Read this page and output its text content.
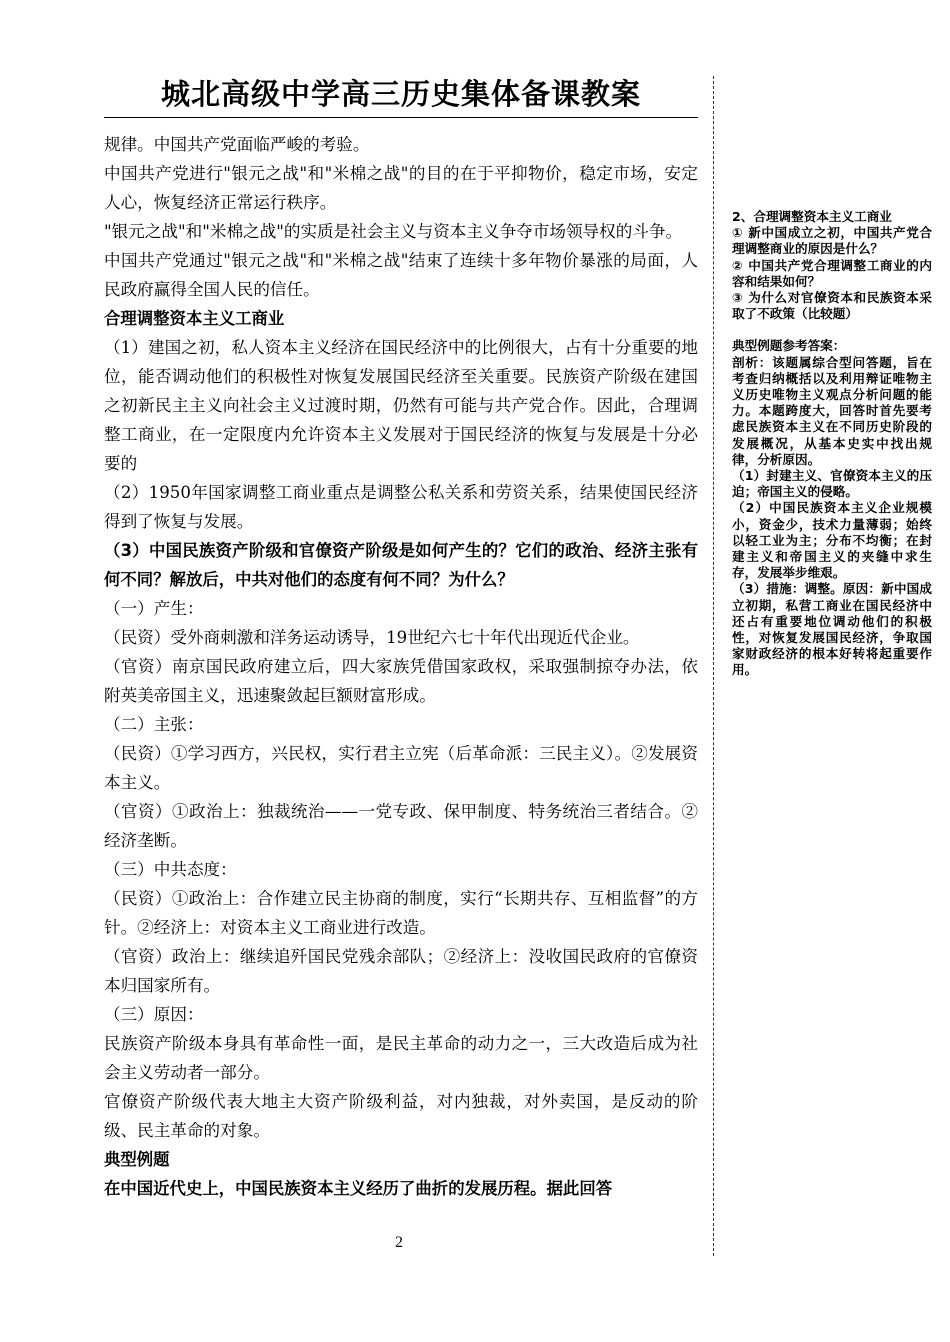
城北高级中学高三历史集体备课教案

规律。中国共产党面临严峻的考验。

中国共产党进行"银元之战"和"米棉之战"的目的在于平抑物价，稳定市场，安定人心，恢复经济正常运行秩序。

"银元之战"和"米棉之战"的实质是社会主义与资本主义争夺市场领导权的斗争。

中国共产党通过"银元之战"和"米棉之战"结束了连续十多年物价暴涨的局面，人民政府赢得全国人民的信任。

合理调整资本主义工商业

（1）建国之初，私人资本主义经济在国民经济中的比例很大，占有十分重要的地位，能否调动他们的积极性对恢复发展国民经济至关重要。民族资产阶级在建国之初新民主主义向社会主义过渡时期，仍然有可能与共产党合作。因此，合理调整工商业，在一定限度内允许资本主义发展对于国民经济的恢复与发展是十分必要的

（2）1950年国家调整工商业重点是调整公私关系和劳资关系，结果使国民经济得到了恢复与发展。

（3）中国民族资产阶级和官僚资产阶级是如何产生的？它们的政治、经济主张有何不同？解放后，中共对他们的态度有何不同？为什么？

（一）产生：

（民资）受外商刺激和洋务运动诱导，19世纪六七十年代出现近代企业。

（官资）南京国民政府建立后，四大家族凭借国家政权，采取强制掠夺办法，依附英美帝国主义，迅速聚敛起巨额财富形成。

（二）主张：

（民资）①学习西方，兴民权，实行君主立宪（后革命派：三民主义）。②发展资本主义。

（官资）①政治上：独裁统治——一党专政、保甲制度、特务统治三者结合。②经济垄断。

（三）中共态度：

（民资）①政治上：合作建立民主协商的制度，实行“长期共存、互相监督”的方针。②经济上：对资本主义工商业进行改造。

（官资）政治上：继续追歼国民党残余部队；②经济上：没收国民政府的官僚资本归国家所有。

（三）原因：

民族资产阶级本身具有革命性一面，是民主革命的动力之一，三大改造后成为社会主义劳动者一部分。

官僚资产阶级代表大地主大资产阶级利益，对内独裁，对外卖国，是反动的阶级、民主革命的对象。

典型例题

在中国近代史上，中国民族资本主义经历了曲折的发展历程。据此回答

2、合理调整资本主义工商业

① 新中国成立之初，中国共产党合理调整商业的原因是什么？

② 中国共产党合理调整工商业的内容和结果如何？

③ 为什么对官僚资本和民族资本采取了不政策（比较题）

典型例题参考答案：

剖析：该题属综合型问答题，旨在考查归纳概括以及利用辩证唯物主义历史唯物主义观点分析问题的能力。本题跨度大，回答时首先要考虑民族资本主义在不同历史阶段的发展概况，从基本史实中找出规律，分析原因。

（1）封建主义、官僚资本主义的压迫；帝国主义的侵略。

（2）中国民族资本主义企业规模小，资金少，技术力量薄弱；始终以轻工业为主；分布不均衡；在封建主义和帝国主义的夹缝中求生存，发展举步维艰。

（3）措施：调整。原因：新中国成立初期，私营工商业在国民经济中还占有重要地位调动他们的积极性，对恢复发展国民经济，争取国家财政经济的根本好转将起重要作用。

2
